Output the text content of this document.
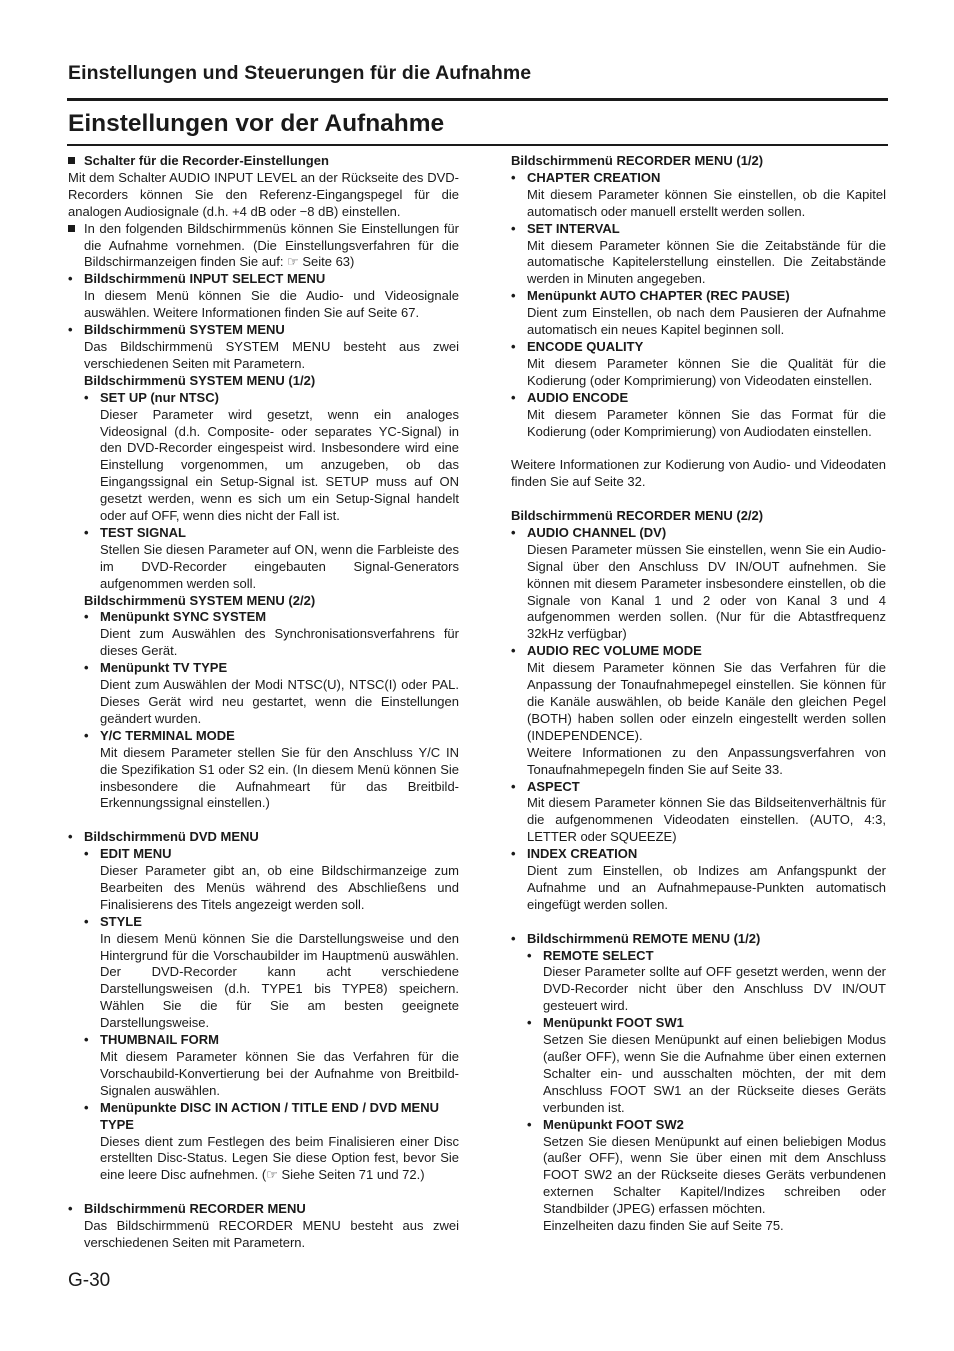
Einstellungen und Steuerungen für die Aufnahme
Einstellungen vor der Aufnahme
Schalter für die Recorder-Einstellungen
Mit dem Schalter AUDIO INPUT LEVEL an der Rückseite des DVD-Recorders können Sie den Referenz-Eingangspegel für die analogen Audiosignale (d.h. +4 dB oder −8 dB) einstellen.
In den folgenden Bildschirmmenüs können Sie Einstellungen für die Aufnahme vornehmen. (Die Einstellungsverfahren für die Bildschirmanzeigen finden Sie auf: ☞ Seite 63)
• Bildschirmmenü INPUT SELECT MENU
In diesem Menü können Sie die Audio- und Videosignale auswählen. Weitere Informationen finden Sie auf Seite 67.
• Bildschirmmenü SYSTEM MENU
Das Bildschirmmenü SYSTEM MENU besteht aus zwei verschiedenen Seiten mit Parametern.
Bildschirmmenü SYSTEM MENU (1/2)
• SET UP (nur NTSC)
Dieser Parameter wird gesetzt, wenn ein analoges Videosignal (d.h. Composite- oder separates YC-Signal) in den DVD-Recorder eingespeist wird. Insbesondere wird eine Einstellung vorgenommen, um anzugeben, ob das Eingangssignal ein Setup-Signal ist. SETUP muss auf ON gesetzt werden, wenn es sich um ein Setup-Signal handelt oder auf OFF, wenn dies nicht der Fall ist.
• TEST SIGNAL
Stellen Sie diesen Parameter auf ON, wenn die Farbleiste des im DVD-Recorder eingebauten Signal-Generators aufgenommen werden soll.
Bildschirmmenü SYSTEM MENU (2/2)
• Menüpunkt SYNC SYSTEM
Dient zum Auswählen des Synchronisationsverfahrens für dieses Gerät.
• Menüpunkt TV TYPE
Dient zum Auswählen der Modi NTSC(U), NTSC(I) oder PAL. Dieses Gerät wird neu gestartet, wenn die Einstellungen geändert wurden.
• Y/C TERMINAL MODE
Mit diesem Parameter stellen Sie für den Anschluss Y/C IN die Spezifikation S1 oder S2 ein. (In diesem Menü können Sie insbesondere die Aufnahmeart für das Breitbild-Erkennungssignal einstellen.)
• Bildschirmmenü DVD MENU
• EDIT MENU
Dieser Parameter gibt an, ob eine Bildschirmanzeige zum Bearbeiten des Menüs während des Abschließens und Finalisierens des Titels angezeigt werden soll.
• STYLE
In diesem Menü können Sie die Darstellungsweise und den Hintergrund für die Vorschaubilder im Hauptmenü auswählen. Der DVD-Recorder kann acht verschiedene Darstellungsweisen (d.h. TYPE1 bis TYPE8) speichern. Wählen Sie die für Sie am besten geeignete Darstellungsweise.
• THUMBNAIL FORM
Mit diesem Parameter können Sie das Verfahren für die Vorschaubild-Konvertierung bei der Aufnahme von Breitbild-Signalen auswählen.
• Menüpunkte DISC IN ACTION / TITLE END / DVD MENU TYPE
Dieses dient zum Festlegen des beim Finalisieren einer Disc erstellten Disc-Status. Legen Sie diese Option fest, bevor Sie eine leere Disc aufnehmen. (☞ Siehe Seiten 71 und 72.)
• Bildschirmmenü RECORDER MENU
Das Bildschirmmenü RECORDER MENU besteht aus zwei verschiedenen Seiten mit Parametern.
Bildschirmmenü RECORDER MENU (1/2)
• CHAPTER CREATION
Mit diesem Parameter können Sie einstellen, ob die Kapitel automatisch oder manuell erstellt werden sollen.
• SET INTERVAL
Mit diesem Parameter können Sie die Zeitabstände für die automatische Kapitelerstellung einstellen. Die Zeitabstände werden in Minuten angegeben.
• Menüpunkt AUTO CHAPTER (REC PAUSE)
Dient zum Einstellen, ob nach dem Pausieren der Aufnahme automatisch ein neues Kapitel beginnen soll.
• ENCODE QUALITY
Mit diesem Parameter können Sie die Qualität für die Kodierung (oder Komprimierung) von Videodaten einstellen.
• AUDIO ENCODE
Mit diesem Parameter können Sie das Format für die Kodierung (oder Komprimierung) von Audiodaten einstellen.
Weitere Informationen zur Kodierung von Audio- und Videodaten finden Sie auf Seite 32.
Bildschirmmenü RECORDER MENU (2/2)
• AUDIO CHANNEL (DV)
Diesen Parameter müssen Sie einstellen, wenn Sie ein Audio-Signal über den Anschluss DV IN/OUT aufnehmen. Sie können mit diesem Parameter insbesondere einstellen, ob die Signale von Kanal 1 und 2 oder von Kanal 3 und 4 aufgenommen werden sollen. (Nur für die Abtastfrequenz 32kHz verfügbar)
• AUDIO REC VOLUME MODE
Mit diesem Parameter können Sie das Verfahren für die Anpassung der Tonaufnahmepegel einstellen. Sie können für die Kanäle auswählen, ob beide Kanäle den gleichen Pegel (BOTH) haben sollen oder einzeln eingestellt werden sollen (INDEPENDENCE).
Weitere Informationen zu den Anpassungsverfahren von Tonaufnahmepegeln finden Sie auf Seite 33.
• ASPECT
Mit diesem Parameter können Sie das Bildseitenverhältnis für die aufgenommenen Videodaten einstellen. (AUTO, 4:3, LETTER oder SQUEEZE)
• INDEX CREATION
Dient zum Einstellen, ob Indizes am Anfangspunkt der Aufnahme und an Aufnahmepause-Punkten automatisch eingefügt werden sollen.
• Bildschirmmenü REMOTE MENU (1/2)
• REMOTE SELECT
Dieser Parameter sollte auf OFF gesetzt werden, wenn der DVD-Recorder nicht über den Anschluss DV IN/OUT gesteuert wird.
• Menüpunkt FOOT SW1
Setzen Sie diesen Menüpunkt auf einen beliebigen Modus (außer OFF), wenn Sie die Aufnahme über einen externen Schalter ein- und ausschalten möchten, der mit dem Anschluss FOOT SW1 an der Rückseite dieses Geräts verbunden ist.
• Menüpunkt FOOT SW2
Setzen Sie diesen Menüpunkt auf einen beliebigen Modus (außer OFF), wenn Sie über einen mit dem Anschluss FOOT SW2 an der Rückseite dieses Geräts verbundenen externen Schalter Kapitel/Indizes schreiben oder Standbilder (JPEG) erfassen möchten.
Einzelheiten dazu finden Sie auf Seite 75.
G-30
